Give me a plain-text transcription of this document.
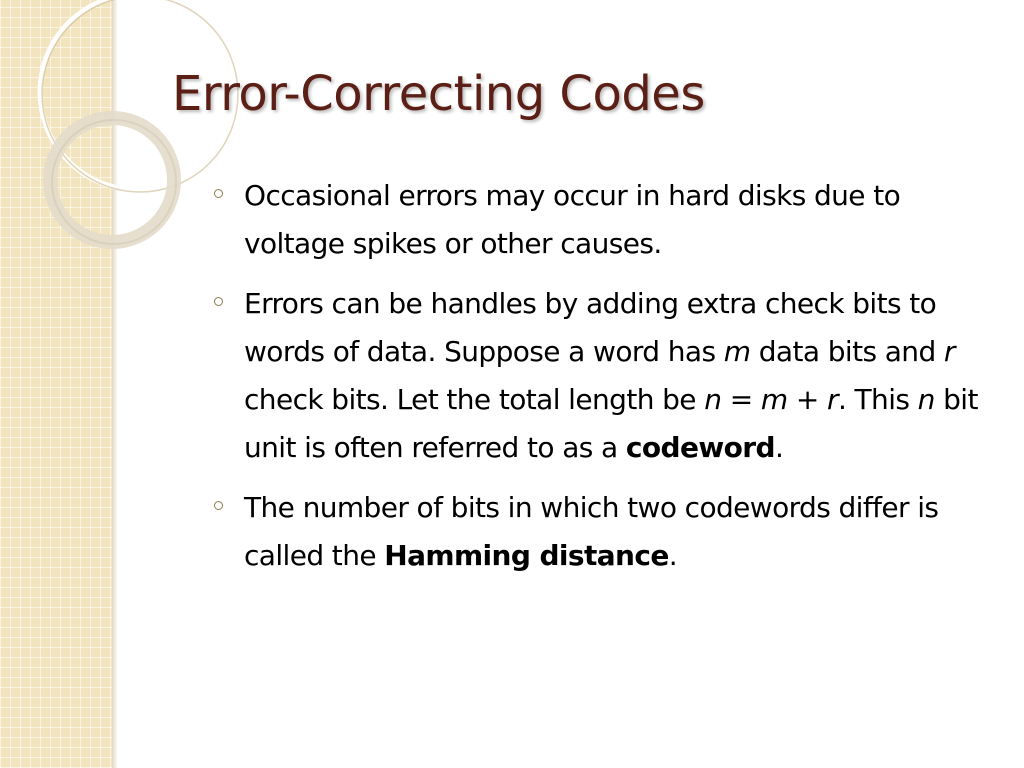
Error-Correcting Codes
Occasional errors may occur in hard disks due to voltage spikes or other causes.
Errors can be handles by adding extra check bits to words of data. Suppose a word has m data bits and r check bits. Let the total length be n = m + r. This n bit unit is often referred to as a codeword.
The number of bits in which two codewords differ is called the Hamming distance.
